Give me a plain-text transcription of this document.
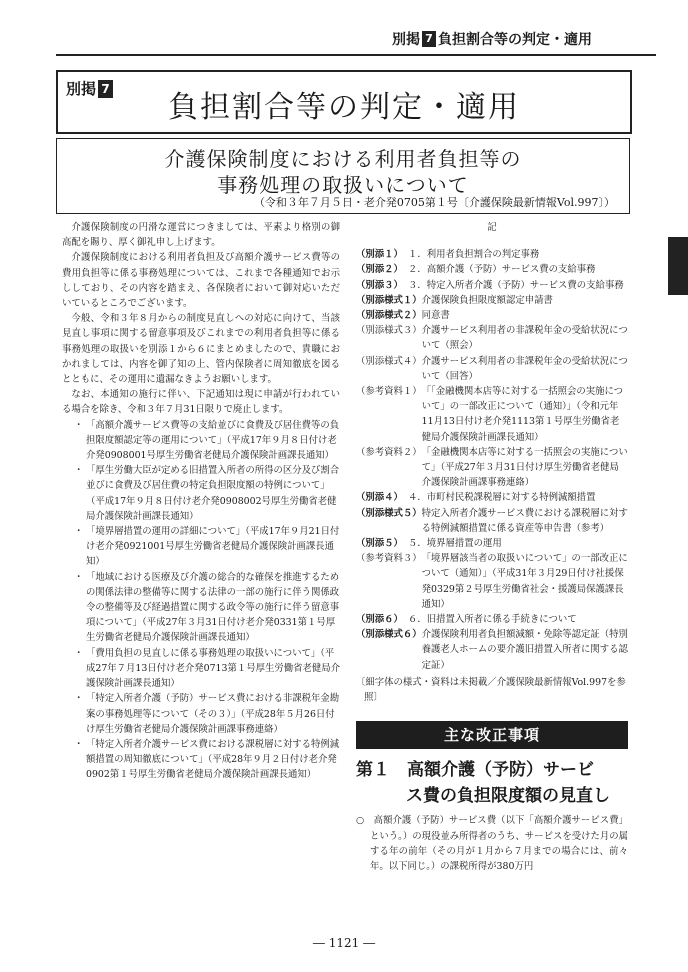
別掲 7 負担割合等の判定・適用
別掲 7
負担割合等の判定・適用
介護保険制度における利用者負担等の
事務処理の取扱いについて
（令和３年７月５日・老介発0705第１号〔介護保険最新情報Vol.997〕）

介護保険制度の円滑な運営につきましては、平素より格別の御高配を賜り、厚く御礼申し上げます。

介護保険制度における利用者負担及び高額介護サービス費等の費用負担等に係る事務処理については、これまで各種通知でお示ししており、その内容を踏まえ、各保険者において御対応いただいているところでございます。

今般、令和３年８月からの制度見直しへの対応に向けて、当該見直し事項に関する留意事項及びこれまでの利用者負担等に係る事務処理の取扱いを別添１から６にまとめましたので、貴職におかれましては、内容を御了知の上、管内保険者に周知徹底を図るとともに、その運用に遺漏なきようお願いします。

なお、本通知の施行に伴い、下記通知は現に申請が行われている場合を除き、令和３年７月31日限りで廃止します。

・ 「高額介護サービス費等の支給並びに食費及び居住費等の負担限度額認定等の運用について」（平成17年９月８日付け老介発0908001号厚生労働省老健局介護保険計画課長通知）
・ 「厚生労働大臣が定める旧措置入所者の所得の区分及び割合並びに食費及び居住費の特定負担限度額の特例について」（平成17年９月８日付け老介発0908002号厚生労働省老健局介護保険計画課長通知）
・ 「境界層措置の運用の詳細について」（平成17年９月21日付け老介発0921001号厚生労働省老健局介護保険計画課長通知）
・ 「地域における医療及び介護の総合的な確保を推進するための関係法律の整備等に関する法律の一部の施行に伴う関係政令の整備等及び経過措置に関する政令等の施行に伴う留意事項について」（平成27年３月31日付け老介発0331第１号厚生労働省老健局介護保険計画課長通知）
・ 「費用負担の見直しに係る事務処理の取扱いについて」（平成27年７月13日付け老介発0713第１号厚生労働省老健局介護保険計画課長通知）
・ 「特定入所者介護（予防）サービス費における非課税年金勘案の事務処理等について（その３）」（平成28年５月26日付け厚生労働省老健局介護保険計画課事務連絡）
・ 「特定入所者介護サービス費における課税層に対する特例減額措置の周知徹底について」（平成28年９月２日付け老介発0902第１号厚生労働省老健局介護保険計画課長通知）
記
（別添１） １．利用者負担割合の判定事務
（別添２） ２．高額介護（予防）サービス費の支給事務
（別添３） ３．特定入所者介護（予防）サービス費の支給事務
（別添様式１） 介護保険負担限度額認定申請書
（別添様式２） 同意書
（別添様式３） 介護サービス利用者の非課税年金の受給状況について（照会）
（別添様式４） 介護サービス利用者の非課税年金の受給状況について（回答）
（参考資料１） 「「金融機関本店等に対する一括照会の実施について」の一部改正について（通知）」（令和元年11月13日付け老介発1113第１号厚生労働省老健局介護保険計画課長通知）
（参考資料２） 「金融機関本店等に対する一括照会の実施について」（平成27年３月31日付け厚生労働省老健局介護保険計画課事務連絡）
（別添４） ４．市町村民税課税層に対する特例減額措置
（別添様式５） 特定入所者介護サービス費における課税層に対する特例減額措置に係る資産等申告書（参考）
（別添５） ５．境界層措置の運用
（参考資料３） 「境界層該当者の取扱いについて」の一部改正について（通知）」（平成31年３月29日付け社援保発0329第２号厚生労働省社会・援護局保護課長通知）
（別添６） ６．旧措置入所者に係る手続きについて
（別添様式６） 介護保険利用者負担額減額・免除等認定証（特別養護老人ホームの要介護旧措置入所者に関する認定証）
〔細字体の様式・資料は未掲載／介護保険最新情報Vol.997を参照〕
主な改正事項
第１　高額介護（予防）サービ
ス費の負担限度額の見直し
○　高額介護（予防）サービス費（以下「高額介護サービス費」という。）の現役並み所得者のうち、サービスを受けた月の属する年の前年（その月が１月から７月までの場合には、前々年。以下同じ。）の課税所得が380万円
― 1121 ―
